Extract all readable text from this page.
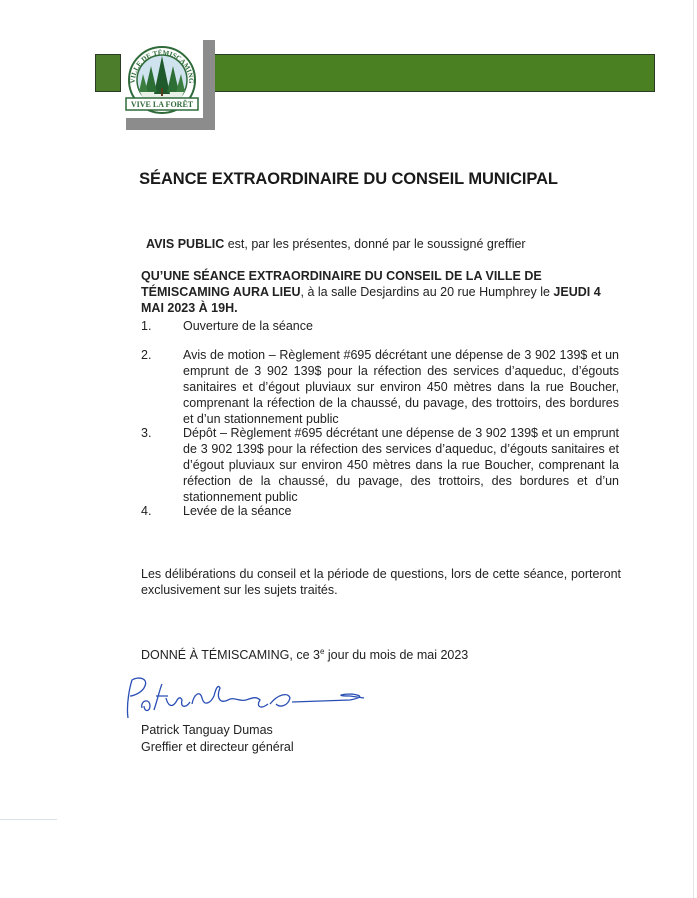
AVIS PUBLIC
VILLE DE TÉMISCAMING
VIVE LA FORÊT
SÉANCE EXTRAORDINAIRE DU CONSEIL MUNICIPAL
AVIS PUBLIC est, par les présentes, donné par le soussigné greffier
QU’UNE SÉANCE EXTRAORDINAIRE DU CONSEIL DE LA VILLE DE TÉMISCAMING AURA LIEU, à la salle Desjardins au 20 rue Humphrey le JEUDI 4 MAI 2023 À 19H.
1.	Ouverture de la séance
2.	Avis de motion – Règlement #695 décrétant une dépense de 3 902 139$ et un emprunt de 3 902 139$ pour la réfection des services d’aqueduc, d’égouts sanitaires et d’égout pluviaux sur environ 450 mètres dans la rue Boucher, comprenant la réfection de la chaussé, du pavage, des trottoirs, des bordures et d’un stationnement public
3.	Dépôt – Règlement #695 décrétant une dépense de 3 902 139$ et un emprunt de 3 902 139$ pour la réfection des services d’aqueduc, d’égouts sanitaires et d’égout pluviaux sur environ 450 mètres dans la rue Boucher, comprenant la réfection de la chaussé, du pavage, des trottoirs, des bordures et d’un stationnement public
4.	Levée de la séance
Les délibérations du conseil et la période de questions, lors de cette séance, porteront exclusivement sur les sujets traités.
DONNÉ À TÉMISCAMING, ce 3e jour du mois de mai 2023
Patrick Tanguay Dumas
Greffier et directeur général
